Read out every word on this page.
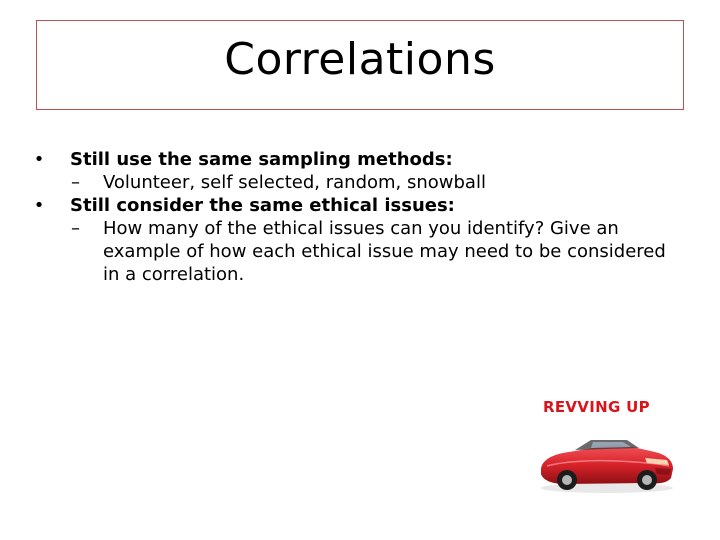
Correlations
• Still use the same sampling methods:
– Volunteer, self selected, random, snowball
• Still consider the same ethical issues:
– How many of the ethical issues can you identify? Give an example of how each ethical issue may need to be considered in a correlation.
REVVING UP
